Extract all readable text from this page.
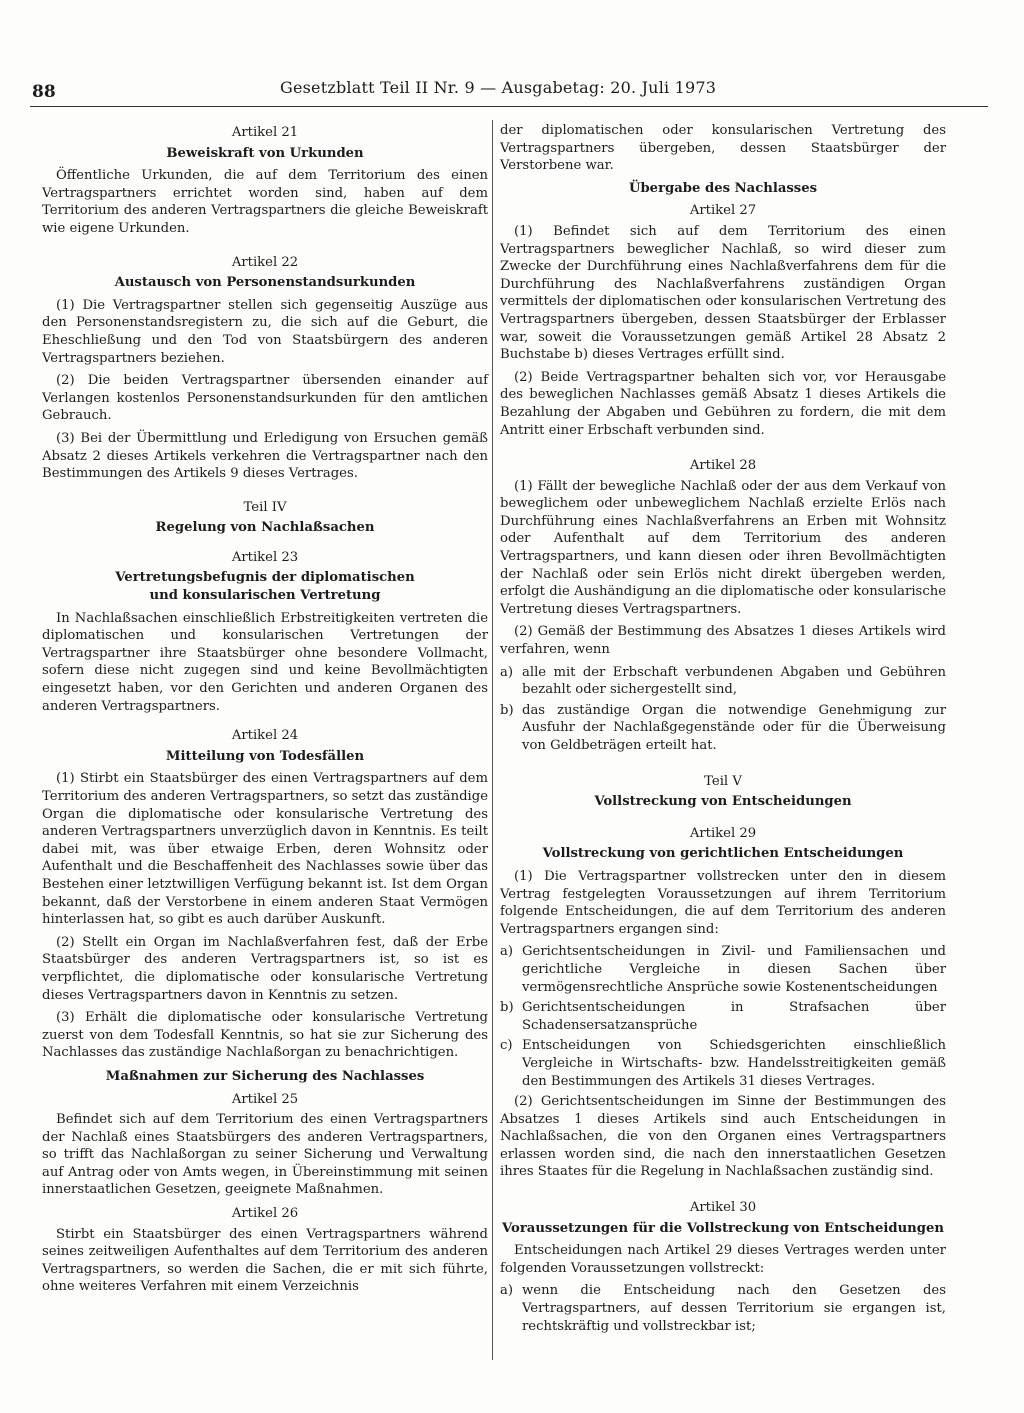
88	Gesetzblatt Teil II Nr. 9 — Ausgabetag: 20. Juli 1973
Artikel 21
Beweiskraft von Urkunden

Öffentliche Urkunden, die auf dem Territorium des einen Vertragspartners errichtet worden sind, haben auf dem Territorium des anderen Vertragspartners die gleiche Beweiskraft wie eigene Urkunden.

Artikel 22
Austausch von Personenstandsurkunden

(1) Die Vertragspartner stellen sich gegenseitig Auszüge aus den Personenstandsregistern zu, die sich auf die Geburt, die Eheschließung und den Tod von Staatsbürgern des anderen Vertragspartners beziehen.

(2) Die beiden Vertragspartner übersenden einander auf Verlangen kostenlos Personenstandsurkunden für den amtlichen Gebrauch.

(3) Bei der Übermittlung und Erledigung von Ersuchen gemäß Absatz 2 dieses Artikels verkehren die Vertragspartner nach den Bestimmungen des Artikels 9 dieses Vertrages.

Teil IV
Regelung von Nachlaßsachen
Artikel 23
Vertretungsbefugnis der diplomatischen
und konsularischen Vertretung

In Nachlaßsachen einschließlich Erbstreitigkeiten vertreten die diplomatischen und konsularischen Vertretungen der Vertragspartner ihre Staatsbürger ohne besondere Vollmacht, sofern diese nicht zugegen sind und keine Bevollmächtigten eingesetzt haben, vor den Gerichten und anderen Organen des anderen Vertragspartners.

Artikel 24
Mitteilung von Todesfällen

(1) Stirbt ein Staatsbürger des einen Vertragspartners auf dem Territorium des anderen Vertragspartners, so setzt das zuständige Organ die diplomatische oder konsularische Vertretung des anderen Vertragspartners unverzüglich davon in Kenntnis. Es teilt dabei mit, was über etwaige Erben, deren Wohnsitz oder Aufenthalt und die Beschaffenheit des Nachlasses sowie über das Bestehen einer letztwilligen Verfügung bekannt ist. Ist dem Organ bekannt, daß der Verstorbene in einem anderen Staat Vermögen hinterlassen hat, so gibt es auch darüber Auskunft.

(2) Stellt ein Organ im Nachlaßverfahren fest, daß der Erbe Staatsbürger des anderen Vertragspartners ist, so ist es verpflichtet, die diplomatische oder konsularische Vertretung dieses Vertragspartners davon in Kenntnis zu setzen.

(3) Erhält die diplomatische oder konsularische Vertretung zuerst von dem Todesfall Kenntnis, so hat sie zur Sicherung des Nachlasses das zuständige Nachlaßorgan zu benachrichtigen.

Maßnahmen zur Sicherung des Nachlasses
Artikel 25

Befindet sich auf dem Territorium des einen Vertragspartners der Nachlaß eines Staatsbürgers des anderen Vertragspartners, so trifft das Nachlaßorgan zu seiner Sicherung und Verwaltung auf Antrag oder von Amts wegen, in Übereinstimmung mit seinen innerstaatlichen Gesetzen, geeignete Maßnahmen.

Artikel 26

Stirbt ein Staatsbürger des einen Vertragspartners während seines zeitweiligen Aufenthaltes auf dem Territorium des anderen Vertragspartners, so werden die Sachen, die er mit sich führte, ohne weiteres Verfahren mit einem Verzeichnis

der diplomatischen oder konsularischen Vertretung des Vertragspartners übergeben, dessen Staatsbürger der Verstorbene war.

Übergabe des Nachlasses
Artikel 27

(1) Befindet sich auf dem Territorium des einen Vertragspartners beweglicher Nachlaß, so wird dieser zum Zwecke der Durchführung eines Nachlaßverfahrens dem für die Durchführung des Nachlaßverfahrens zuständigen Organ vermittels der diplomatischen oder konsularischen Vertretung des Vertragspartners übergeben, dessen Staatsbürger der Erblasser war, soweit die Voraussetzungen gemäß Artikel 28 Absatz 2 Buchstabe b) dieses Vertrages erfüllt sind.

(2) Beide Vertragspartner behalten sich vor, vor Herausgabe des beweglichen Nachlasses gemäß Absatz 1 dieses Artikels die Bezahlung der Abgaben und Gebühren zu fordern, die mit dem Antritt einer Erbschaft verbunden sind.

Artikel 28

(1) Fällt der bewegliche Nachlaß oder der aus dem Verkauf von beweglichem oder unbeweglichem Nachlaß erzielte Erlös nach Durchführung eines Nachlaßverfahrens an Erben mit Wohnsitz oder Aufenthalt auf dem Territorium des anderen Vertragspartners, und kann diesen oder ihren Bevollmächtigten der Nachlaß oder sein Erlös nicht direkt übergeben werden, erfolgt die Aushändigung an die diplomatische oder konsularische Vertretung dieses Vertragspartners.

(2) Gemäß der Bestimmung des Absatzes 1 dieses Artikels wird verfahren, wenn

a) alle mit der Erbschaft verbundenen Abgaben und Gebühren bezahlt oder sichergestellt sind,
b) das zuständige Organ die notwendige Genehmigung zur Ausfuhr der Nachlaßgegenstände oder für die Überweisung von Geldbeträgen erteilt hat.
Teil V
Vollstreckung von Entscheidungen
Artikel 29
Vollstreckung von gerichtlichen Entscheidungen

(1) Die Vertragspartner vollstrecken unter den in diesem Vertrag festgelegten Voraussetzungen auf ihrem Territorium folgende Entscheidungen, die auf dem Territorium des anderen Vertragspartners ergangen sind:

a) Gerichtsentscheidungen in Zivil- und Familiensachen und gerichtliche Vergleiche in diesen Sachen über vermögensrechtliche Ansprüche sowie Kostenentscheidungen
b) Gerichtsentscheidungen in Strafsachen über Schadensersatzansprüche
c) Entscheidungen von Schiedsgerichten einschließlich Vergleiche in Wirtschafts- bzw. Handelsstreitigkeiten gemäß den Bestimmungen des Artikels 31 dieses Vertrages.

(2) Gerichtsentscheidungen im Sinne der Bestimmungen des Absatzes 1 dieses Artikels sind auch Entscheidungen in Nachlaßsachen, die von den Organen eines Vertragspartners erlassen worden sind, die nach den innerstaatlichen Gesetzen ihres Staates für die Regelung in Nachlaßsachen zuständig sind.

Artikel 30
Voraussetzungen für die Vollstreckung von Entscheidungen

Entscheidungen nach Artikel 29 dieses Vertrages werden unter folgenden Voraussetzungen vollstreckt:

a) wenn die Entscheidung nach den Gesetzen des Vertragspartners, auf dessen Territorium sie ergangen ist, rechtskräftig und vollstreckbar ist;
